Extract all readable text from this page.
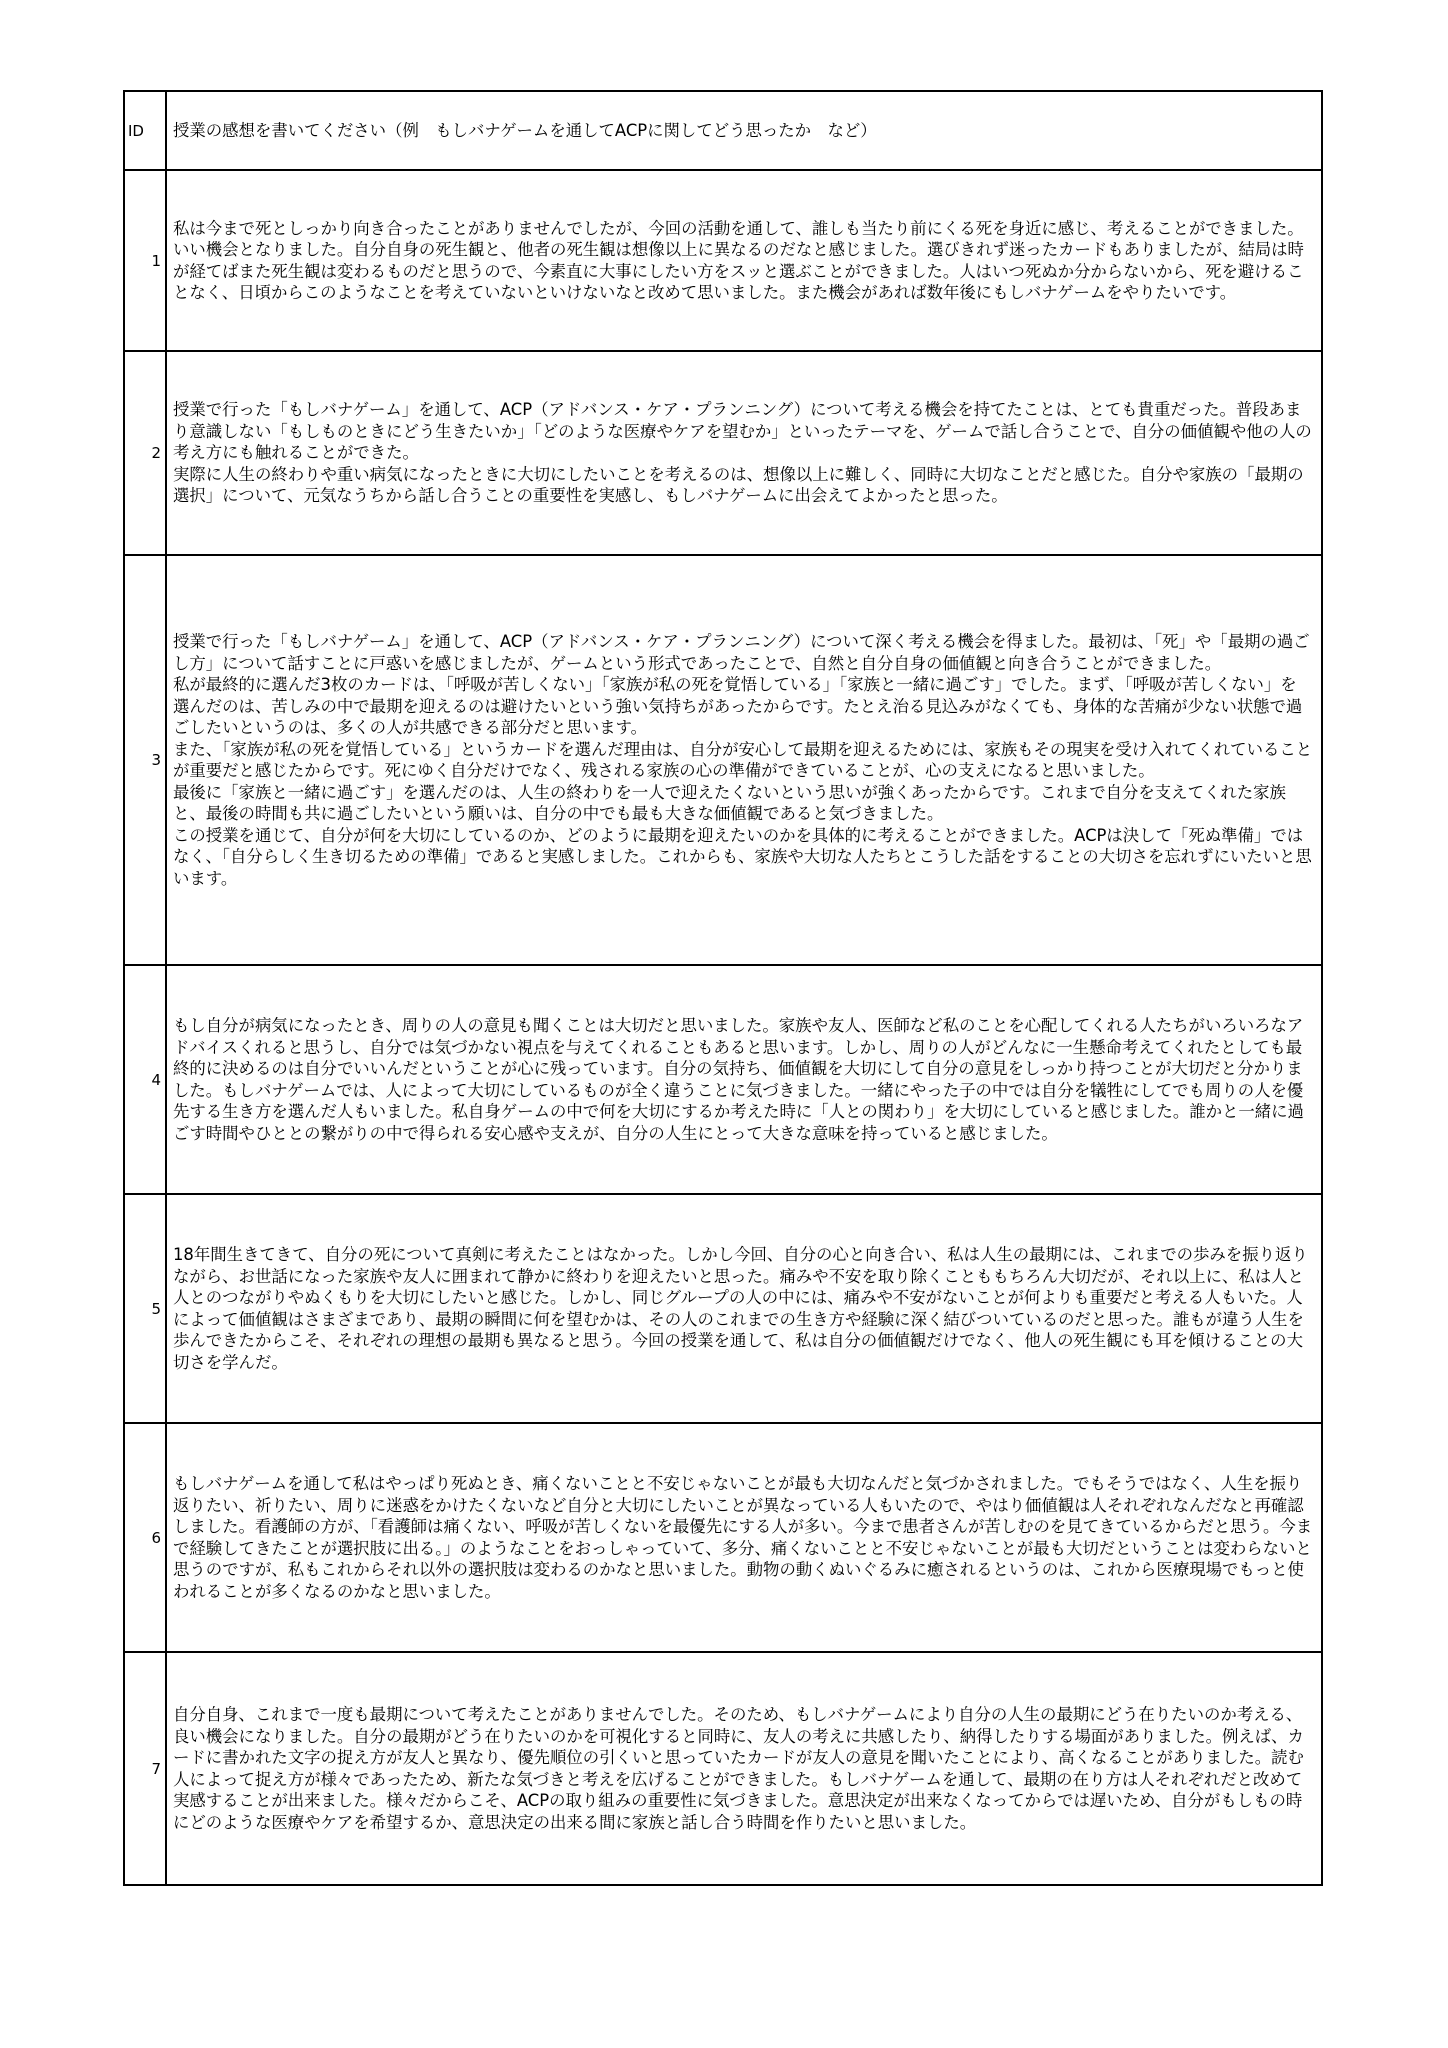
ID	授業の感想を書いてください（例　もしバナゲームを通してACPに関してどう思ったか　など）
1	私は今まで死としっかり向き合ったことがありませんでしたが、今回の活動を通して、誰しも当たり前にくる死を身近に感じ、考えることができました。いい機会となりました。自分自身の死生観と、他者の死生観は想像以上に異なるのだなと感じました。選びきれず迷ったカードもありましたが、結局は時が経てばまた死生観は変わるものだと思うので、今素直に大事にしたい方をスッと選ぶことができました。人はいつ死ぬか分からないから、死を避けることなく、日頃からこのようなことを考えていないといけないなと改めて思いました。また機会があれば数年後にもしバナゲームをやりたいです。

2	授業で行った「もしバナゲーム」を通して、ACP（アドバンス・ケア・プランニング）について考える機会を持てたことは、とても貴重だった。普段あまり意識しない「もしものときにどう生きたいか」「どのような医療やケアを望むか」といったテーマを、ゲームで話し合うことで、自分の価値観や他の人の考え方にも触れることができた。

実際に人生の終わりや重い病気になったときに大切にしたいことを考えるのは、想像以上に難しく、同時に大切なことだと感じた。自分や家族の「最期の選択」について、元気なうちから話し合うことの重要性を実感し、もしバナゲームに出会えてよかったと思った。

3	授業で行った「もしバナゲーム」を通して、ACP（アドバンス・ケア・プランニング）について深く考える機会を得ました。最初は、「死」や「最期の過ごし方」について話すことに戸惑いを感じましたが、ゲームという形式であったことで、自然と自分自身の価値観と向き合うことができました。

私が最終的に選んだ3枚のカードは、「呼吸が苦しくない」「家族が私の死を覚悟している」「家族と一緒に過ごす」でした。まず、「呼吸が苦しくない」を選んだのは、苦しみの中で最期を迎えるのは避けたいという強い気持ちがあったからです。たとえ治る見込みがなくても、身体的な苦痛が少ない状態で過ごしたいというのは、多くの人が共感できる部分だと思います。

また、「家族が私の死を覚悟している」というカードを選んだ理由は、自分が安心して最期を迎えるためには、家族もその現実を受け入れてくれていることが重要だと感じたからです。死にゆく自分だけでなく、残される家族の心の準備ができていることが、心の支えになると思いました。

最後に「家族と一緒に過ごす」を選んだのは、人生の終わりを一人で迎えたくないという思いが強くあったからです。これまで自分を支えてくれた家族と、最後の時間も共に過ごしたいという願いは、自分の中でも最も大きな価値観であると気づきました。

この授業を通じて、自分が何を大切にしているのか、どのように最期を迎えたいのかを具体的に考えることができました。ACPは決して「死ぬ準備」ではなく、「自分らしく生き切るための準備」であると実感しました。これからも、家族や大切な人たちとこうした話をすることの大切さを忘れずにいたいと思います。

4	もし自分が病気になったとき、周りの人の意見も聞くことは大切だと思いました。家族や友人、医師など私のことを心配してくれる人たちがいろいろなアドバイスくれると思うし、自分では気づかない視点を与えてくれることもあると思います。しかし、周りの人がどんなに一生懸命考えてくれたとしても最終的に決めるのは自分でいいんだということが心に残っています。自分の気持ち、価値観を大切にして自分の意見をしっかり持つことが大切だと分かりました。もしバナゲームでは、人によって大切にしているものが全く違うことに気づきました。一緒にやった子の中では自分を犠牲にしてでも周りの人を優先する生き方を選んだ人もいました。私自身ゲームの中で何を大切にするか考えた時に「人との関わり」を大切にしていると感じました。誰かと一緒に過ごす時間やひととの繋がりの中で得られる安心感や支えが、自分の人生にとって大きな意味を持っていると感じました。

5	18年間生きてきて、自分の死について真剣に考えたことはなかった。しかし今回、自分の心と向き合い、私は人生の最期には、これまでの歩みを振り返りながら、お世話になった家族や友人に囲まれて静かに終わりを迎えたいと思った。痛みや不安を取り除くことももちろん大切だが、それ以上に、私は人と人とのつながりやぬくもりを大切にしたいと感じた。しかし、同じグループの人の中には、痛みや不安がないことが何よりも重要だと考える人もいた。人によって価値観はさまざまであり、最期の瞬間に何を望むかは、その人のこれまでの生き方や経験に深く結びついているのだと思った。誰もが違う人生を歩んできたからこそ、それぞれの理想の最期も異なると思う。今回の授業を通して、私は自分の価値観だけでなく、他人の死生観にも耳を傾けることの大切さを学んだ。

6	もしバナゲームを通して私はやっぱり死ぬとき、痛くないことと不安じゃないことが最も大切なんだと気づかされました。でもそうではなく、人生を振り返りたい、祈りたい、周りに迷惑をかけたくないなど自分と大切にしたいことが異なっている人もいたので、やはり価値観は人それぞれなんだなと再確認しました。看護師の方が、「看護師は痛くない、呼吸が苦しくないを最優先にする人が多い。今まで患者さんが苦しむのを見てきているからだと思う。今まで経験してきたことが選択肢に出る。」のようなことをおっしゃっていて、多分、痛くないことと不安じゃないことが最も大切だということは変わらないと思うのですが、私もこれからそれ以外の選択肢は変わるのかなと思いました。動物の動くぬいぐるみに癒されるというのは、これから医療現場でもっと使われることが多くなるのかなと思いました。

7	自分自身、これまで一度も最期について考えたことがありませんでした。そのため、もしバナゲームにより自分の人生の最期にどう在りたいのか考える、良い機会になりました。自分の最期がどう在りたいのかを可視化すると同時に、友人の考えに共感したり、納得したりする場面がありました。例えば、カードに書かれた文字の捉え方が友人と異なり、優先順位の引くいと思っていたカードが友人の意見を聞いたことにより、高くなることがありました。読む人によって捉え方が様々であったため、新たな気づきと考えを広げることができました。もしバナゲームを通して、最期の在り方は人それぞれだと改めて実感することが出来ました。様々だからこそ、ACPの取り組みの重要性に気づきました。意思決定が出来なくなってからでは遅いため、自分がもしもの時にどのような医療やケアを希望するか、意思決定の出来る間に家族と話し合う時間を作りたいと思いました。
